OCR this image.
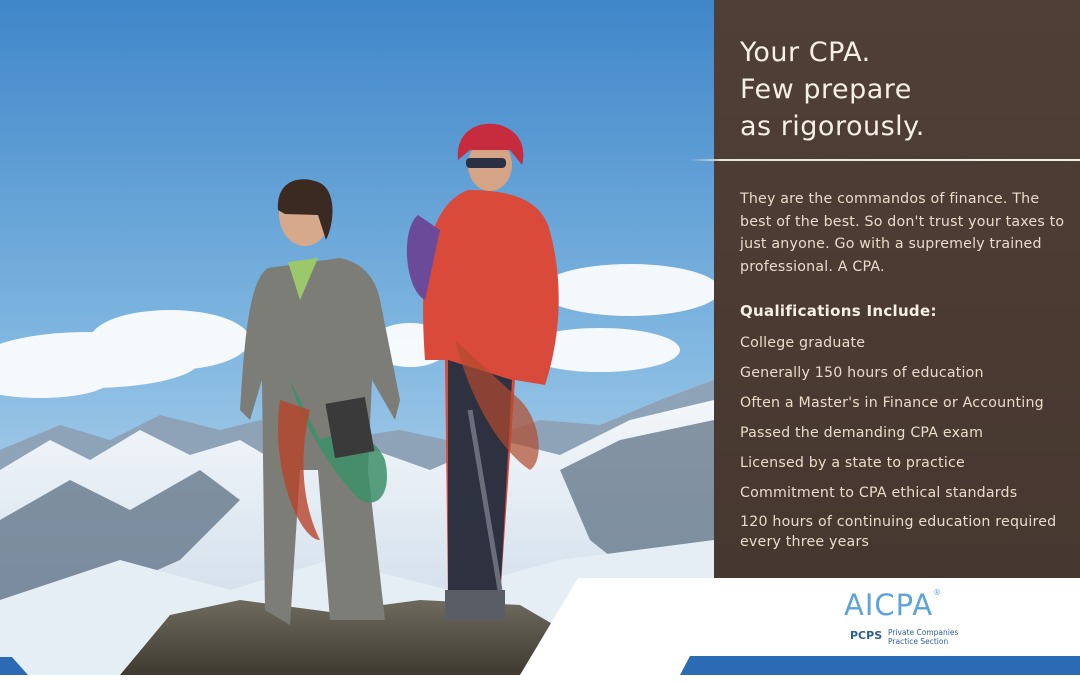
Your CPA.
Few prepare
as rigorously.

They are the commandos of finance. The best of the best. So don't trust your taxes to just anyone. Go with a supremely trained professional. A CPA.

Qualifications Include:
College graduate
Generally 150 hours of education
Often a Master's in Finance or Accounting
Passed the demanding CPA exam
Licensed by a state to practice
Commitment to CPA ethical standards
120 hours of continuing education required every three years
AICPA®
PCPS Private Companies Practice Section
